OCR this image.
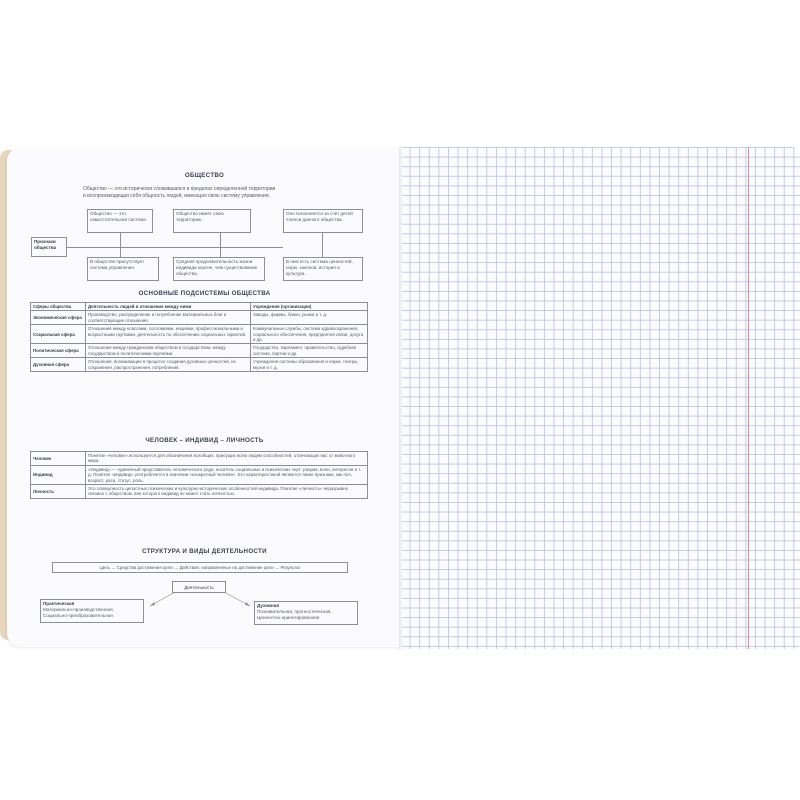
ОБЩЕСТВО
Общество — это исторически сложившаяся в пределах определенной территории
и воспроизводящая себя общность людей, имеющая свою систему управления.
Признаки общества
Общество — это самостоятельная система.
Общество имеет свою территорию.
Оно пополняется за счет детей членов данного общества.
В обществе присутствует система управления.
Средняя продолжительность жизни индивида короче, чем существование общества.
В нем есть система ценностей, норм, законов, история и культура.
ОСНОВНЫЕ ПОДСИСТЕМЫ ОБЩЕСТВА
Сферы общества	Деятельность людей и отношение между ними	Учреждения (организации)
Экономическая сфера	Производство, распределение и потребление материальных благ и соответствующие отношения.	Заводы, фирмы, банки, рынки и т. д.
Социальная сфера	Отношения между классами, сословиями, нациями, профессиональными и возрастными группами, деятельность по обеспечению социальных гарантий.	Коммунальные службы, система здравоохранения, социального обеспечения, предприятия связи, досуга и др.
Политическая сфера	Отношения между гражданским обществом и государством, между государством и политическими партиями.	Государство, парламент, правительство, судебная система, партии и др.
Духовная сфера	Отношения, возникающие в процессе создания духовных ценностей, их сохранения, распространения, потребления.	Учреждения системы образования и науки, театры, музеи и т. д.
ЧЕЛОВЕК – ИНДИВИД – ЛИЧНОСТЬ
Человек	Понятие «человек» используется для обозначения всеобщих, присущих всем людям способностей, отличающих нас от животного мира.
Индивид	«Индивид» — единичный представитель человеческого рода, носитель социальных и психических черт: разума, воли, интересов и т. д. Понятие «индивид» употребляется в значении «конкретный человек». Его характеристикой являются также признаки, как пол, возраст, раса, статус, роль.
Личность	Это совокупность целостных психических и культурно-исторических особенностей индивида. Понятие «личность» неразрывно связано с обществом, вне которого индивид не может стать личностью.
СТРУКТУРА И ВИДЫ ДЕЯТЕЛЬНОСТИ
Цель → Средства достижения цели → Действия, направленные на достижение цели → Результат
Деятельность
Практическая
Материально-производственная,
Социально-преобразовательная
Духовная
Познавательная, прогностическая,
Ценностно-ориентированная
